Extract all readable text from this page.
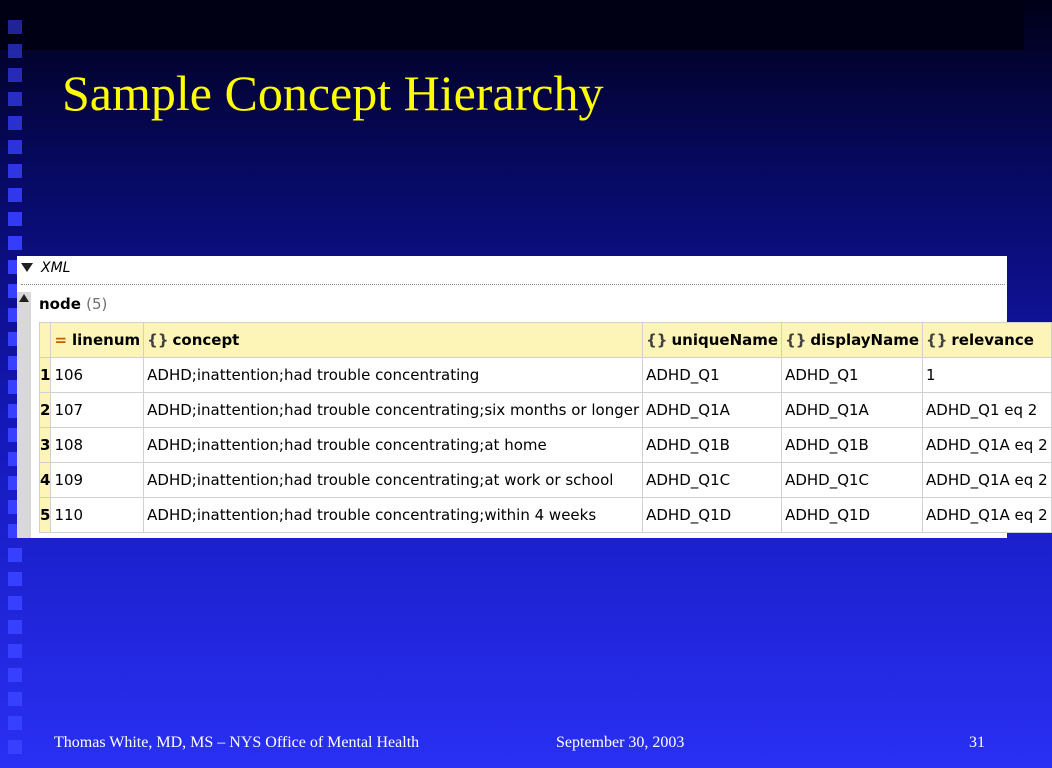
Sample Concept Hierarchy
XML
node (5)
	= linenum	{} concept	{} uniqueName	{} displayName	{} relevance
1	106	ADHD;inattention;had trouble concentrating	ADHD_Q1	ADHD_Q1	1
2	107	ADHD;inattention;had trouble concentrating;six months or longer	ADHD_Q1A	ADHD_Q1A	ADHD_Q1 eq 2
3	108	ADHD;inattention;had trouble concentrating;at home	ADHD_Q1B	ADHD_Q1B	ADHD_Q1A eq 2
4	109	ADHD;inattention;had trouble concentrating;at work or school	ADHD_Q1C	ADHD_Q1C	ADHD_Q1A eq 2
5	110	ADHD;inattention;had trouble concentrating;within 4 weeks	ADHD_Q1D	ADHD_Q1D	ADHD_Q1A eq 2
Thomas White, MD, MS – NYS Office of Mental Health	September 30, 2003	31
